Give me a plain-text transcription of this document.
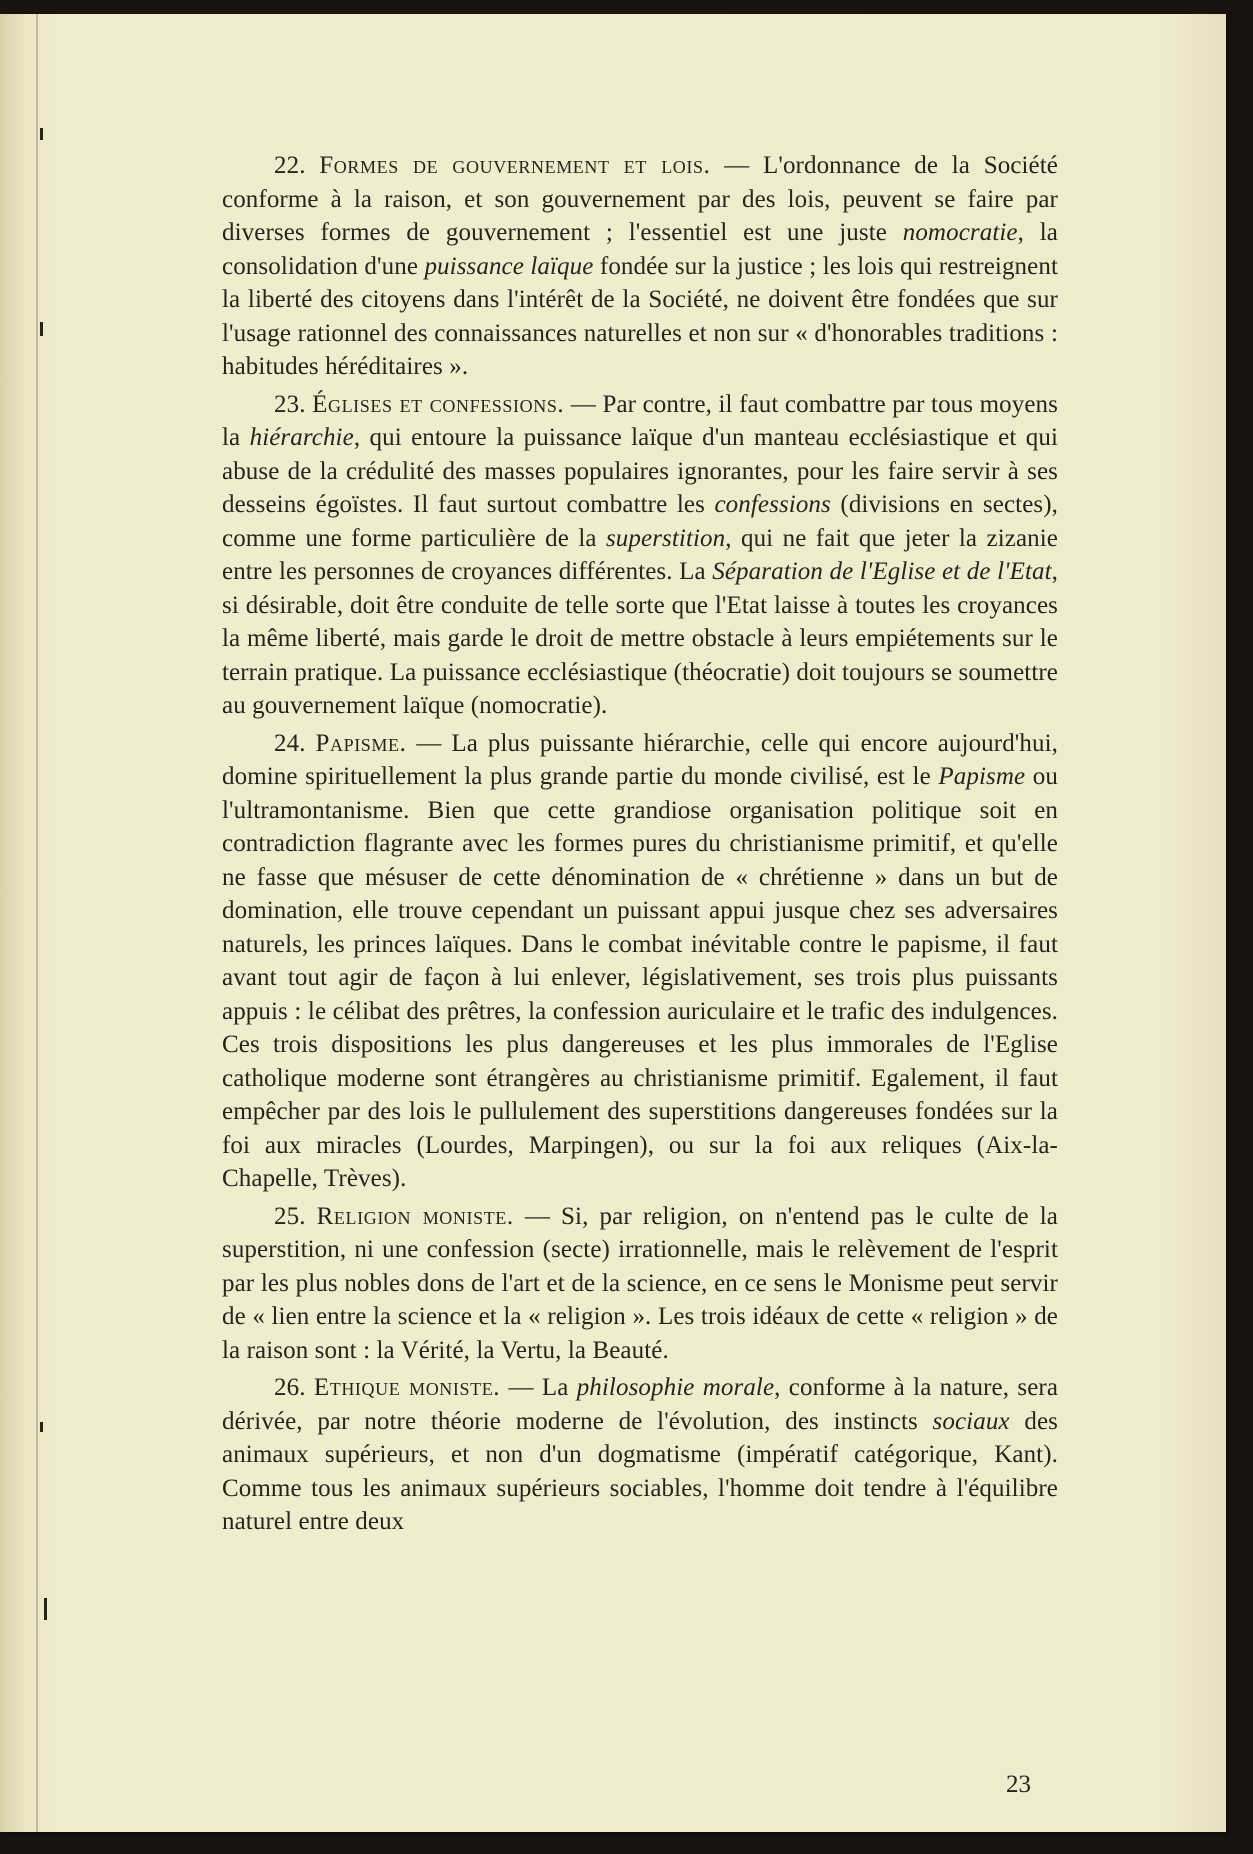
22. Formes de gouvernement et lois. — L'ordonnance de la Société conforme à la raison, et son gouvernement par des lois, peuvent se faire par diverses formes de gouvernement ; l'essentiel est une juste nomocratie, la consolidation d'une puissance laïque fondée sur la justice ; les lois qui restreignent la liberté des citoyens dans l'intérêt de la Société, ne doivent être fondées que sur l'usage rationnel des connaissances naturelles et non sur « d'honorables traditions : habitudes héréditaires ».

23. Églises et confessions. — Par contre, il faut combattre par tous moyens la hiérarchie, qui entoure la puissance laïque d'un manteau ecclésiastique et qui abuse de la crédulité des masses populaires ignorantes, pour les faire servir à ses desseins égoïstes. Il faut surtout combattre les confessions (divisions en sectes), comme une forme particulière de la superstition, qui ne fait que jeter la zizanie entre les personnes de croyances différentes. La Séparation de l'Eglise et de l'Etat, si désirable, doit être conduite de telle sorte que l'Etat laisse à toutes les croyances la même liberté, mais garde le droit de mettre obstacle à leurs empiétements sur le terrain pratique. La puissance ecclésiastique (théocratie) doit toujours se soumettre au gouvernement laïque (nomocratie).

24. Papisme. — La plus puissante hiérarchie, celle qui encore aujourd'hui, domine spirituellement la plus grande partie du monde civilisé, est le Papisme ou l'ultramontanisme. Bien que cette grandiose organisation politique soit en contradiction flagrante avec les formes pures du christianisme primitif, et qu'elle ne fasse que mésuser de cette dénomination de « chrétienne » dans un but de domination, elle trouve cependant un puissant appui jusque chez ses adversaires naturels, les princes laïques. Dans le combat inévitable contre le papisme, il faut avant tout agir de façon à lui enlever, législativement, ses trois plus puissants appuis : le célibat des prêtres, la confession auriculaire et le trafic des indulgences. Ces trois dispositions les plus dangereuses et les plus immorales de l'Eglise catholique moderne sont étrangères au christianisme primitif. Egalement, il faut empêcher par des lois le pullulement des superstitions dangereuses fondées sur la foi aux miracles (Lourdes, Marpingen), ou sur la foi aux reliques (Aix-la-Chapelle, Trèves).

25. Religion moniste. — Si, par religion, on n'entend pas le culte de la superstition, ni une confession (secte) irrationnelle, mais le relèvement de l'esprit par les plus nobles dons de l'art et de la science, en ce sens le Monisme peut servir de « lien entre la science et la « religion ». Les trois idéaux de cette « religion » de la raison sont : la Vérité, la Vertu, la Beauté.

26. Ethique moniste. — La philosophie morale, conforme à la nature, sera dérivée, par notre théorie moderne de l'évolution, des instincts sociaux des animaux supérieurs, et non d'un dogmatisme (impératif catégorique, Kant). Comme tous les animaux supérieurs sociables, l'homme doit tendre à l'équilibre naturel entre deux

23
